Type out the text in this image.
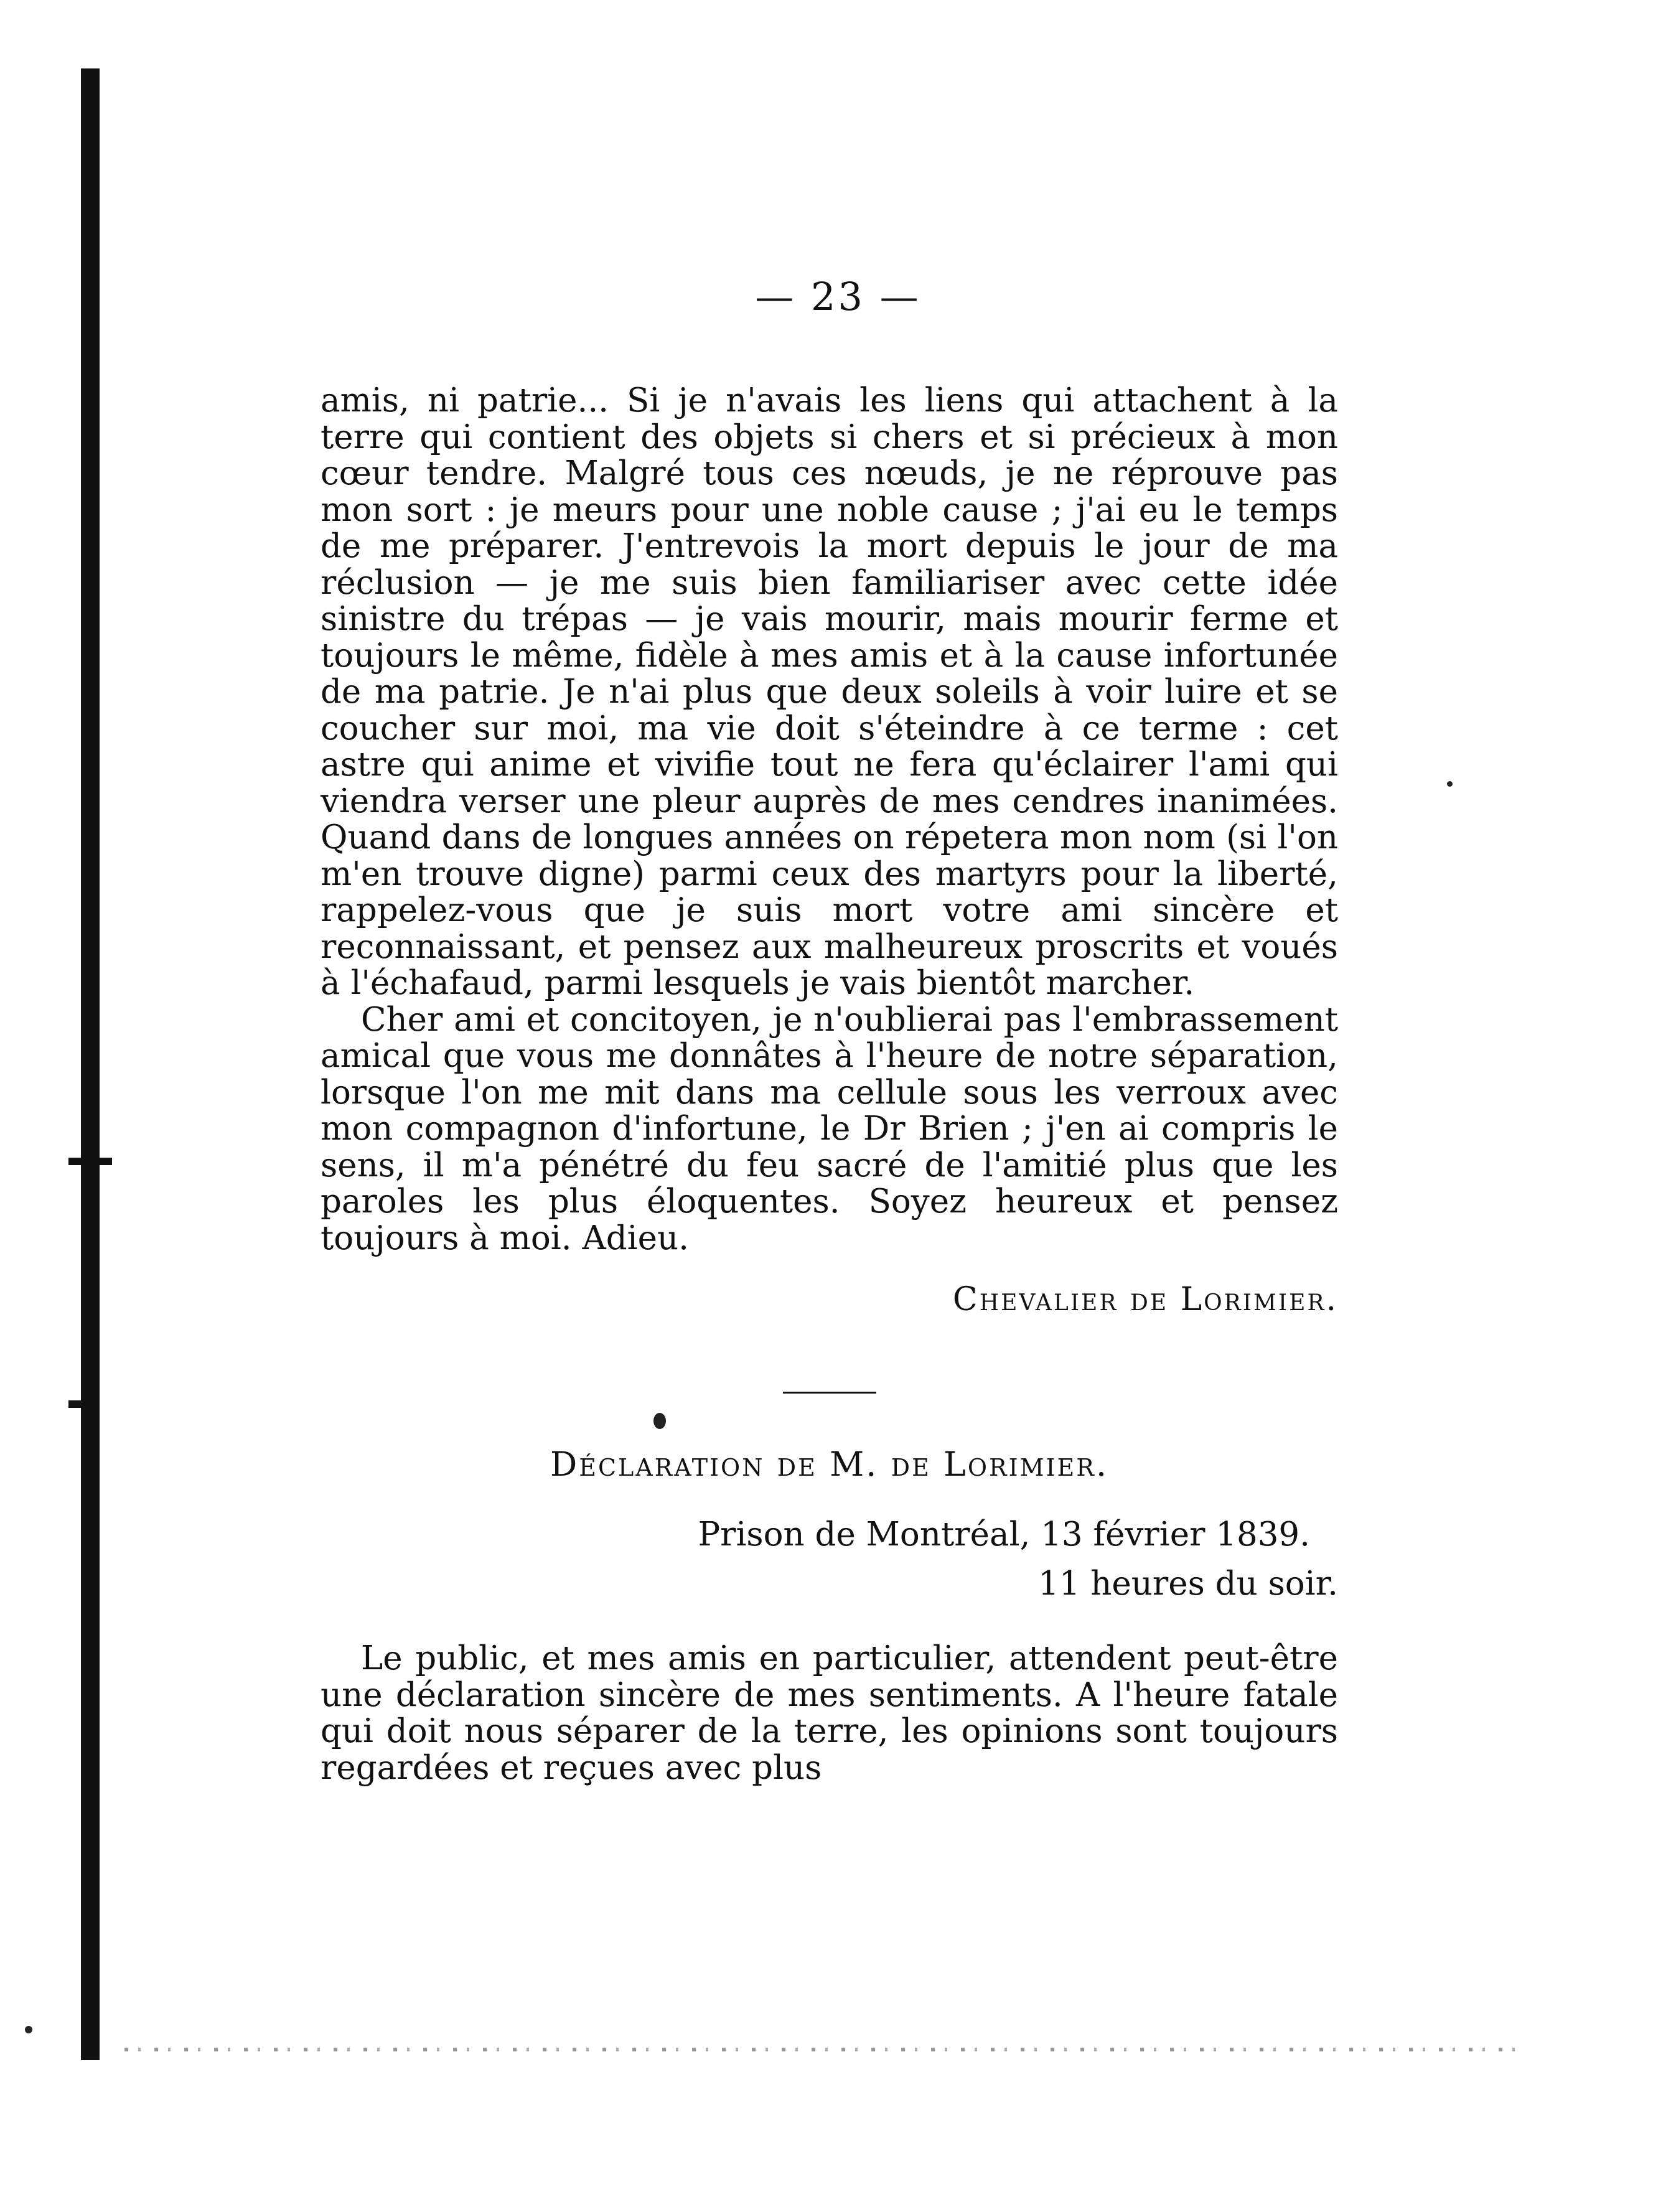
— 23 —

amis, ni patrie... Si je n'avais les liens qui attachent à la terre qui contient des objets si chers et si précieux à mon cœur tendre. Malgré tous ces nœuds, je ne réprouve pas mon sort : je meurs pour une noble cause ; j'ai eu le temps de me préparer. J'entrevois la mort depuis le jour de ma réclusion — je me suis bien familiariser avec cette idée sinistre du trépas — je vais mourir, mais mourir ferme et toujours le même, fidèle à mes amis et à la cause infortunée de ma patrie. Je n'ai plus que deux soleils à voir luire et se coucher sur moi, ma vie doit s'éteindre à ce terme : cet astre qui anime et vivifie tout ne fera qu'éclairer l'ami qui viendra verser une pleur auprès de mes cendres inanimées. Quand dans de longues années on répetera mon nom (si l'on m'en trouve digne) parmi ceux des martyrs pour la liberté, rappelez-vous que je suis mort votre ami sincère et reconnaissant, et pensez aux malheureux proscrits et voués à l'échafaud, parmi lesquels je vais bientôt marcher.

Cher ami et concitoyen, je n'oublierai pas l'embrassement amical que vous me donnâtes à l'heure de notre séparation, lorsque l'on me mit dans ma cellule sous les verroux avec mon compagnon d'infortune, le Dr Brien ; j'en ai compris le sens, il m'a pénétré du feu sacré de l'amitié plus que les paroles les plus éloquentes. Soyez heureux et pensez toujours à moi. Adieu.

Chevalier de Lorimier.

Déclaration de M. de Lorimier.

Prison de Montréal, 13 février 1839.

11 heures du soir.

Le public, et mes amis en particulier, attendent peut-être une déclaration sincère de mes sentiments. A l'heure fatale qui doit nous séparer de la terre, les opinions sont toujours regardées et reçues avec plus
